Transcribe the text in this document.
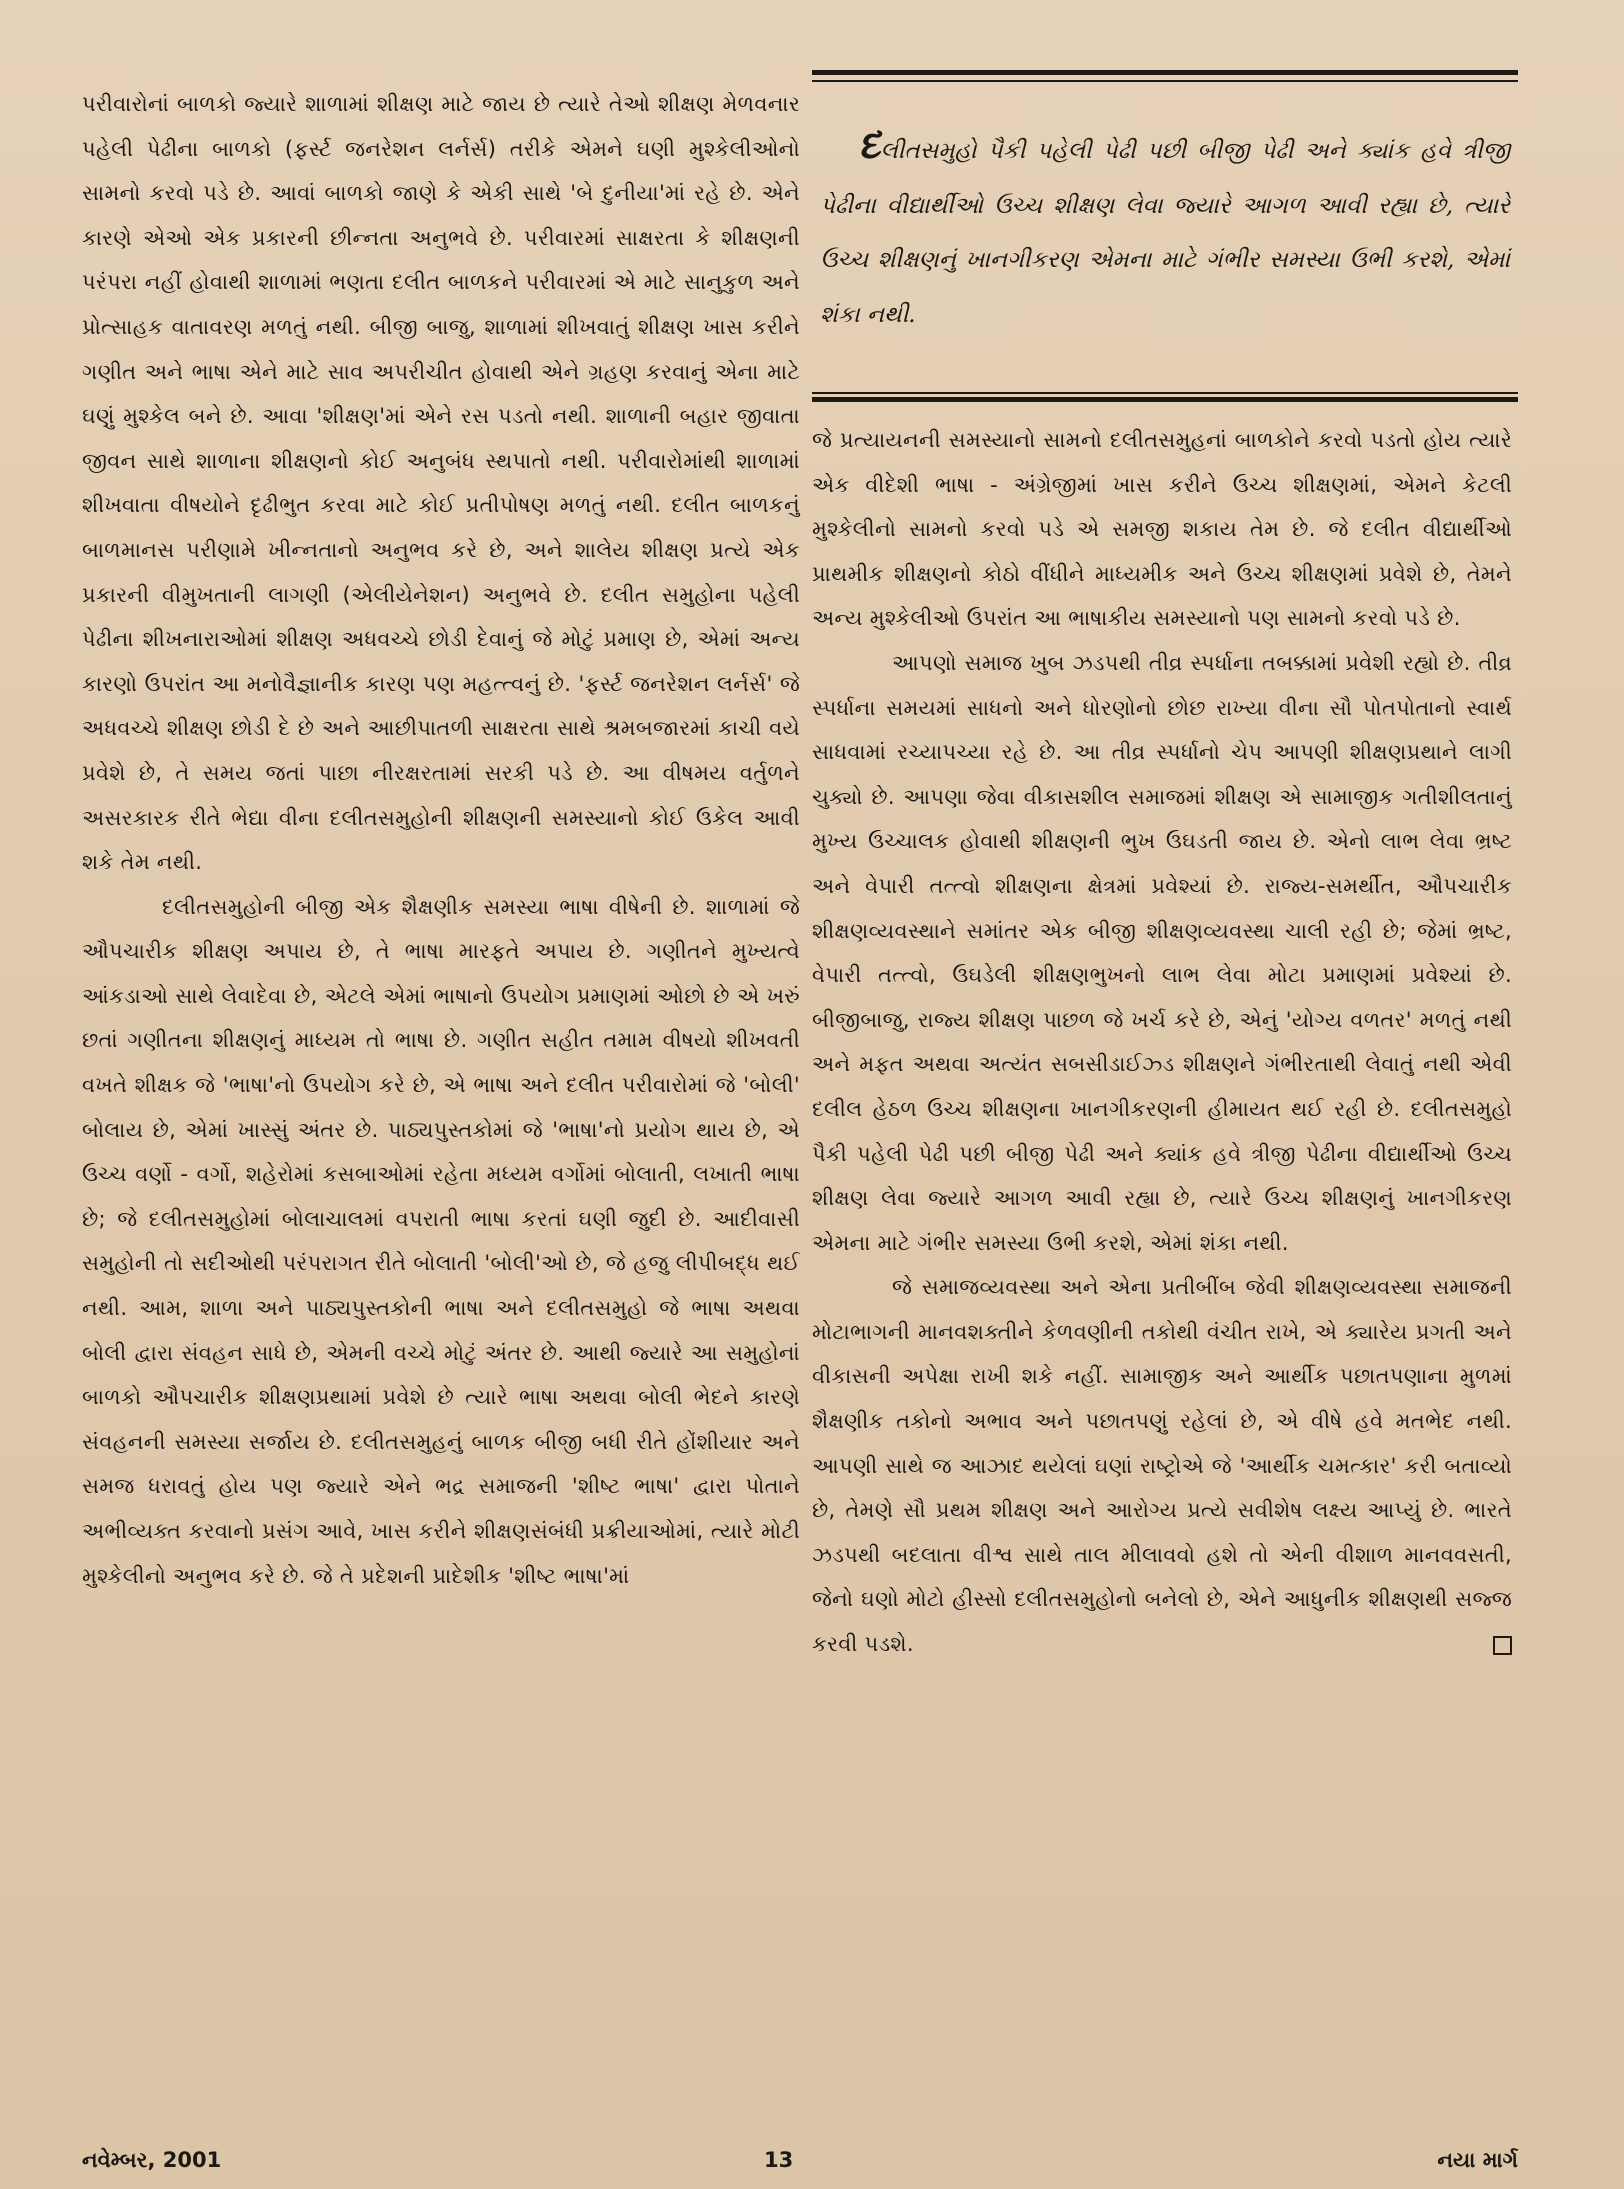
પરીવારોનાં બાળકો જ્યારે શાળામાં શીક્ષણ માટે જાય છે ત્યારે તેઓ શીક્ષણ મેળવનાર પહેલી પેઢીના બાળકો (ફર્સ્ટ જનરેશન લર્નર્સ) તરીકે એમને ઘણી મુશ્કેલીઓનો સામનો કરવો પડે છે. આવાં બાળકો જાણે કે એકી સાથે 'બે દુનીયા'માં રહે છે. એને કારણે એઓ એક પ્રકારની છીન્નતા અનુભવે છે. પરીવારમાં સાક્ષરતા કે શીક્ષણની પરંપરા નહીં હોવાથી શાળામાં ભણતા દલીત બાળકને પરીવારમાં એ માટે સાનુકુળ અને પ્રોત્સાહક વાતાવરણ મળતું નથી. બીજી બાજુ, શાળામાં શીખવાતું શીક્ષણ ખાસ કરીને ગણીત અને ભાષા એને માટે સાવ અપરીચીત હોવાથી એને ગ્રહણ કરવાનું એના માટે ઘણું મુશ્કેલ બને છે. આવા 'શીક્ષણ'માં એને રસ પડતો નથી. શાળાની બહાર જીવાતા જીવન સાથે શાળાના શીક્ષણનો કોઈ અનુબંધ સ્થપાતો નથી. પરીવારોમાંથી શાળામાં શીખવાતા વીષયોને દૃઢીભુત કરવા માટે કોઈ પ્રતીપોષણ મળતું નથી. દલીત બાળકનું બાળમાનસ પરીણામે ખીન્નતાનો અનુભવ કરે છે, અને શાલેય શીક્ષણ પ્રત્યે એક પ્રકારની વીમુખતાની લાગણી (એલીયેનેશન) અનુભવે છે. દલીત સમુહોના પહેલી પેઢીના શીખનારાઓમાં શીક્ષણ અધવચ્ચે છોડી દેવાનું જે મોટું પ્રમાણ છે, એમાં અન્ય કારણો ઉપરાંત આ મનોવૈજ્ઞાનીક કારણ પણ મહત્ત્વનું છે. 'ફર્સ્ટ જનરેશન લર્નર્સ' જે અધવચ્ચે શીક્ષણ છોડી દે છે અને આછીપાતળી સાક્ષરતા સાથે શ્રમબજારમાં કાચી વયે પ્રવેશે છે, તે સમય જતાં પાછા નીરક્ષરતામાં સરકી પડે છે. આ વીષમય વર્તુળને અસરકારક રીતે ભેદ્યા વીના દલીતસમુહોની શીક્ષણની સમસ્યાનો કોઈ ઉકેલ આવી શકે તેમ નથી.

દલીતસમુહોની બીજી એક શૈક્ષણીક સમસ્યા ભાષા વીષેની છે. શાળામાં જે ઔપચારીક શીક્ષણ અપાય છે, તે ભાષા મારફતે અપાય છે. ગણીતને મુખ્યત્વે આંકડાઓ સાથે લેવાદેવા છે, એટલે એમાં ભાષાનો ઉપયોગ પ્રમાણમાં ઓછો છે એ ખરું છતાં ગણીતના શીક્ષણનું માધ્યમ તો ભાષા છે. ગણીત સહીત તમામ વીષયો શીખવતી વખતે શીક્ષક જે 'ભાષા'નો ઉપયોગ કરે છે, એ ભાષા અને દલીત પરીવારોમાં જે 'બોલી' બોલાય છે, એમાં ખાસ્સું અંતર છે. પાઠ્યપુસ્તકોમાં જે 'ભાષા'નો પ્રયોગ થાય છે, એ ઉચ્ચ વર્ણો - વર્ગો, શહેરોમાં કસબાઓમાં રહેતા મધ્યમ વર્ગોમાં બોલાતી, લખાતી ભાષા છે; જે દલીતસમુહોમાં બોલાચાલમાં વપરાતી ભાષા કરતાં ઘણી જુદી છે. આદીવાસી સમુહોની તો સદીઓથી પરંપરાગત રીતે બોલાતી 'બોલી'ઓ છે, જે હજુ લીપીબદ્ધ થઈ નથી. આમ, શાળા અને પાઠ્યપુસ્તકોની ભાષા અને દલીતસમુહો જે ભાષા અથવા બોલી દ્વારા સંવહન સાધે છે, એમની વચ્ચે મોટું અંતર છે. આથી જ્યારે આ સમુહોનાં બાળકો ઔપચારીક શીક્ષણપ્રથામાં પ્રવેશે છે ત્યારે ભાષા અથવા બોલી ભેદને કારણે સંવહનની સમસ્યા સર્જાય છે. દલીતસમુહનું બાળક બીજી બધી રીતે હોંશીયાર અને સમજ ધરાવતું હોય પણ જ્યારે એને ભદ્ર સમાજની 'શીષ્ટ ભાષા' દ્વારા પોતાને અભીવ્યક્ત કરવાનો પ્રસંગ આવે, ખાસ કરીને શીક્ષણસંબંધી પ્રક્રીયાઓમાં, ત્યારે મોટી મુશ્કેલીનો અનુભવ કરે છે. જે તે પ્રદેશની પ્રાદેશીક 'શીષ્ટ ભાષા'માં

દલીતસમુહો પૈકી પહેલી પેઢી પછી બીજી પેઢી અને ક્યાંક હવે ત્રીજી પેઢીના વીદ્યાર્થીઓ ઉચ્ચ શીક્ષણ લેવા જ્યારે આગળ આવી રહ્યા છે, ત્યારે ઉચ્ચ શીક્ષણનું ખાનગીકરણ એમના માટે ગંભીર સમસ્યા ઉભી કરશે, એમાં શંકા નથી.

જે પ્રત્યાયનની સમસ્યાનો સામનો દલીતસમુહનાં બાળકોને કરવો પડતો હોય ત્યારે એક વીદેશી ભાષા - અંગ્રેજીમાં ખાસ કરીને ઉચ્ચ શીક્ષણમાં, એમને કેટલી મુશ્કેલીનો સામનો કરવો પડે એ સમજી શકાય તેમ છે. જે દલીત વીદ્યાર્થીઓ પ્રાથમીક શીક્ષણનો કોઠો વીંધીને માધ્યમીક અને ઉચ્ચ શીક્ષણમાં પ્રવેશે છે, તેમને અન્ય મુશ્કેલીઓ ઉપરાંત આ ભાષાકીય સમસ્યાનો પણ સામનો કરવો પડે છે.

આપણો સમાજ ખુબ ઝડપથી તીવ્ર સ્પર્ધાના તબક્કામાં પ્રવેશી રહ્યો છે. તીવ્ર સ્પર્ધાના સમયમાં સાધનો અને ધોરણોનો છોછ રાખ્યા વીના સૌ પોતપોતાનો સ્વાર્થ સાધવામાં રચ્યાપચ્યા રહે છે. આ તીવ્ર સ્પર્ધાનો ચેપ આપણી શીક્ષણપ્રથાને લાગી ચુક્યો છે. આપણા જેવા વીકાસશીલ સમાજમાં શીક્ષણ એ સામાજીક ગતીશીલતાનું મુખ્ય ઉચ્ચાલક હોવાથી શીક્ષણની ભુખ ઉઘડતી જાય છે. એનો લાભ લેવા ભ્રષ્ટ અને વેપારી તત્ત્વો શીક્ષણના ક્ષેત્રમાં પ્રવેશ્યાં છે. રાજ્ય-સમર્થીત, ઔપચારીક શીક્ષણવ્યવસ્થાને સમાંતર એક બીજી શીક્ષણવ્યવસ્થા ચાલી રહી છે; જેમાં ભ્રષ્ટ, વેપારી તત્ત્વો, ઉઘડેલી શીક્ષણભુખનો લાભ લેવા મોટા પ્રમાણમાં પ્રવેશ્યાં છે. બીજીબાજુ, રાજ્ય શીક્ષણ પાછળ જે ખર્ચ કરે છે, એનું 'યોગ્ય વળતર' મળતું નથી અને મફત અથવા અત્યંત સબસીડાઈઝ્ડ શીક્ષણને ગંભીરતાથી લેવાતું નથી એવી દલીલ હેઠળ ઉચ્ચ શીક્ષણના ખાનગીકરણની હીમાયત થઈ રહી છે. દલીતસમુહો પૈકી પહેલી પેઢી પછી બીજી પેઢી અને ક્યાંક હવે ત્રીજી પેઢીના વીદ્યાર્થીઓ ઉચ્ચ શીક્ષણ લેવા જ્યારે આગળ આવી રહ્યા છે, ત્યારે ઉચ્ચ શીક્ષણનું ખાનગીકરણ એમના માટે ગંભીર સમસ્યા ઉભી કરશે, એમાં શંકા નથી.

જે સમાજવ્યવસ્થા અને એના પ્રતીબીંબ જેવી શીક્ષણવ્યવસ્થા સમાજની મોટાભાગની માનવશક્તીને કેળવણીની તકોથી વંચીત રાખે, એ ક્યારેય પ્રગતી અને વીકાસની અપેક્ષા રાખી શકે નહીં. સામાજીક અને આર્થીક પછાતપણાના મુળમાં શૈક્ષણીક તકોનો અભાવ અને પછાતપણું રહેલાં છે, એ વીષે હવે મતભેદ નથી. આપણી સાથે જ આઝાદ થયેલાં ઘણાં રાષ્ટ્રોએ જે 'આર્થીક ચમત્કાર' કરી બતાવ્યો છે, તેમણે સૌ પ્રથમ શીક્ષણ અને આરોગ્ય પ્રત્યે સવીશેષ લક્ષ્ય આપ્યું છે. ભારતે ઝડપથી બદલાતા વીશ્વ સાથે તાલ મીલાવવો હશે તો એની વીશાળ માનવવસતી, જેનો ઘણો મોટો હીસ્સો દલીતસમુહોનો બનેલો છે, એને આધુનીક શીક્ષણથી સજ્જ કરવી પડશે.

નવેમ્બર, 2001	13	નયા માર્ગ
